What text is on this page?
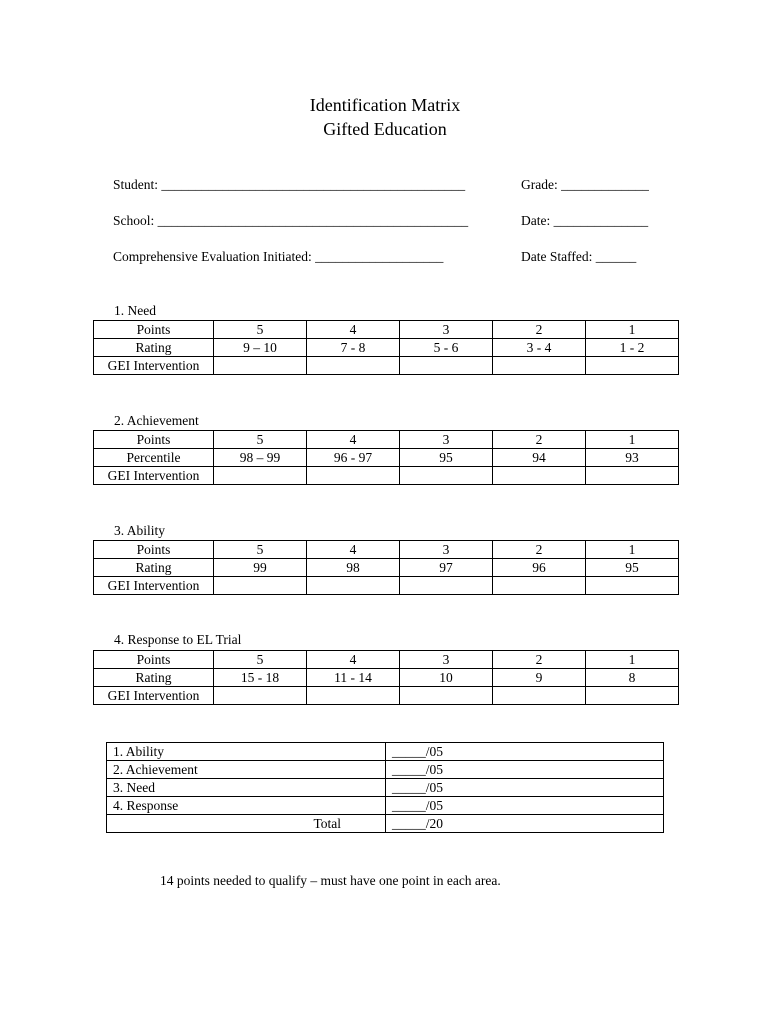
Identification Matrix
Gifted Education
Student: _____________________________________________	Grade: _____________
School: ______________________________________________	Date: ______________
Comprehensive Evaluation Initiated: ___________________	Date Staffed: ______
1. Need
Points	5	4	3	2	1
Rating	9 – 10	7 - 8	5 - 6	3 - 4	1 - 2
GEI Intervention					
2. Achievement
Points	5	4	3	2	1
Percentile	98 – 99	96 - 97	95	94	93
GEI Intervention					
3. Ability
Points	5	4	3	2	1
Rating	99	98	97	96	95
GEI Intervention					
4. Response to EL Trial
Points	5	4	3	2	1
Rating	15 - 18	11 - 14	10	9	8
GEI Intervention					
1. Ability	_____/05
2. Achievement	_____/05
3. Need	_____/05
4. Response	_____/05
Total	_____/20
14 points needed to qualify – must have one point in each area.
